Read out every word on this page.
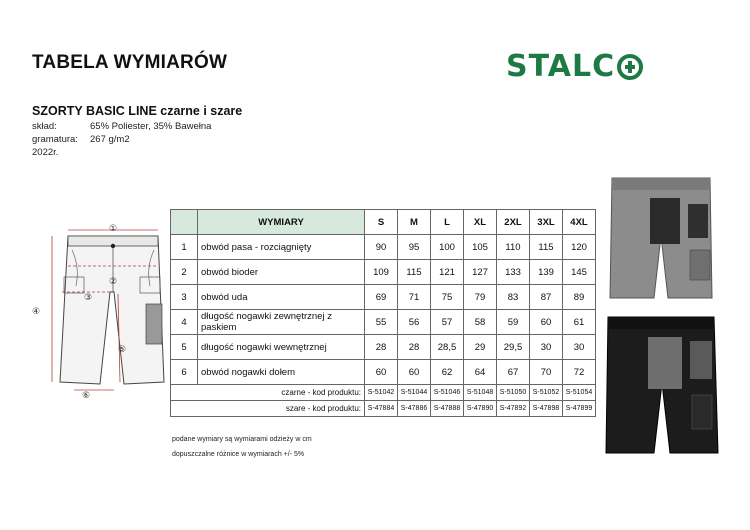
TABELA WYMIARÓW	STALC
SZORTY BASIC LINE czarne i szare
skład:	65% Poliester, 35% Bawełna
gramatura: 267 g/m2
2022r.
①
②
③
④
⑤
⑥
	WYMIARY	S	M	L	XL	2XL	3XL	4XL
1	obwód pasa - rozciągnięty	90	95	100	105	110	115	120
2	obwód bioder	109	115	121	127	133	139	145
3	obwód uda	69	71	75	79	83	87	89
4	długość nogawki zewnętrznej z paskiem	55	56	57	58	59	60	61
5	długość nogawki wewnętrznej	28	28	28,5	29	29,5	30	30
6	obwód nogawki dołem	60	60	62	64	67	70	72
czarne - kod produktu:		S-51042	S-51044	S-51046	S-51048	S-51050	S-51052	S-51054
szare - kod produktu:		S-47884	S-47886	S-47888	S-47890	S-47892	S-47898	S-47899
podane wymiary są wymiarami odzieży w cm
dopuszczalne różnice w wymiarach +/- 5%
